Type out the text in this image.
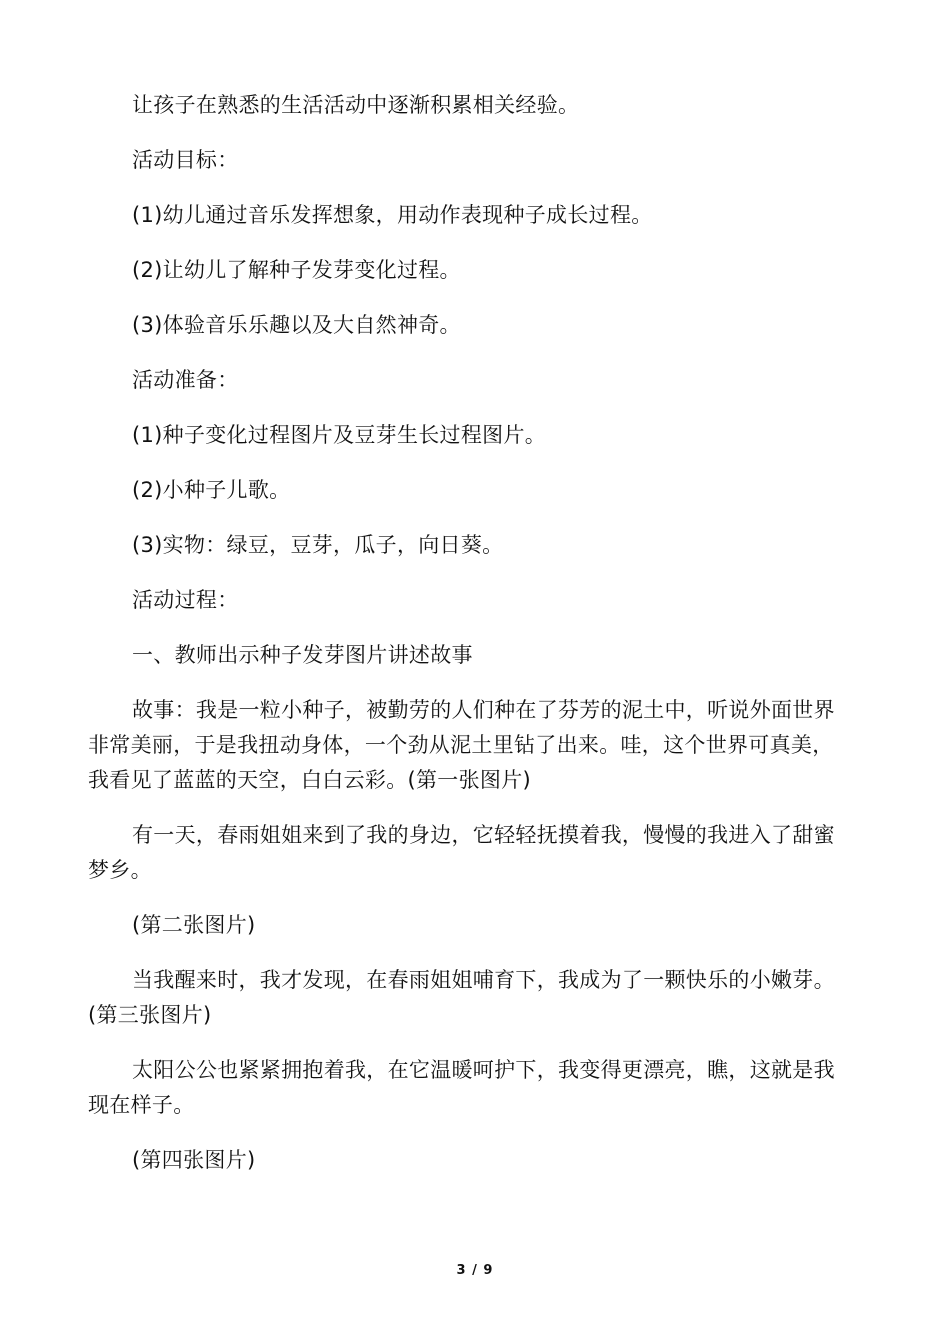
让孩子在熟悉的生活活动中逐渐积累相关经验。

活动目标：

(1)幼儿通过音乐发挥想象，用动作表现种子成长过程。

(2)让幼儿了解种子发芽变化过程。

(3)体验音乐乐趣以及大自然神奇。

活动准备：

(1)种子变化过程图片及豆芽生长过程图片。

(2)小种子儿歌。

(3)实物：绿豆，豆芽，瓜子，向日葵。

活动过程：

一、教师出示种子发芽图片讲述故事

故事：我是一粒小种子，被勤劳的人们种在了芬芳的泥土中，听说外面世界非常美丽，于是我扭动身体，一个劲从泥土里钻了出来。哇，这个世界可真美，我看见了蓝蓝的天空，白白云彩。(第一张图片)

有一天，春雨姐姐来到了我的身边，它轻轻抚摸着我，慢慢的我进入了甜蜜梦乡。

(第二张图片)

当我醒来时，我才发现，在春雨姐姐哺育下，我成为了一颗快乐的小嫩芽。(第三张图片)

太阳公公也紧紧拥抱着我，在它温暖呵护下，我变得更漂亮，瞧，这就是我现在样子。

(第四张图片)

3 / 9
